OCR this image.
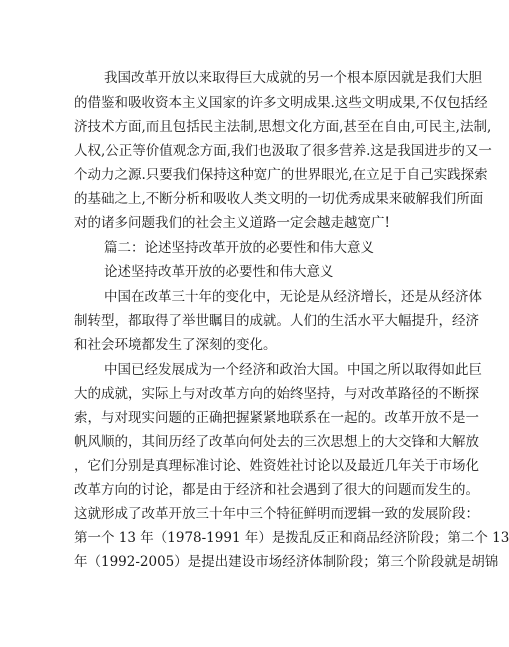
我国改革开放以来取得巨大成就的另一个根本原因就是我们大胆
的借鉴和吸收资本主义国家的许多文明成果.这些文明成果,不仅包括经
济技术方面,而且包括民主法制,思想文化方面,甚至在自由,可民主,法制,
人权,公正等价值观念方面,我们也汲取了很多营养.这是我国进步的又一
个动力之源.只要我们保持这种宽广的世界眼光,在立足于自己实践探索
的基础之上,不断分析和吸收人类文明的一切优秀成果来破解我们所面
对的诸多问题我们的社会主义道路一定会越走越宽广!
篇二：论述坚持改革开放的必要性和伟大意义
论述坚持改革开放的必要性和伟大意义
中国在改革三十年的变化中，无论是从经济增长，还是从经济体
制转型，都取得了举世瞩目的成就。人们的生活水平大幅提升，经济
和社会环境都发生了深刻的变化。
中国已经发展成为一个经济和政治大国。中国之所以取得如此巨
大的成就，实际上与对改革方向的始终坚持，与对改革路径的不断探
索，与对现实问题的正确把握紧紧地联系在一起的。改革开放不是一
帆风顺的，其间历经了改革向何处去的三次思想上的大交锋和大解放
，它们分别是真理标准讨论、姓资姓社讨论以及最近几年关于市场化
改革方向的讨论，都是由于经济和社会遇到了很大的问题而发生的。
这就形成了改革开放三十年中三个特征鲜明而逻辑一致的发展阶段：
第一个 13 年（1978-1991 年）是拨乱反正和商品经济阶段；第二个 13
年（1992-2005）是提出建设市场经济体制阶段；第三个阶段就是胡锦
